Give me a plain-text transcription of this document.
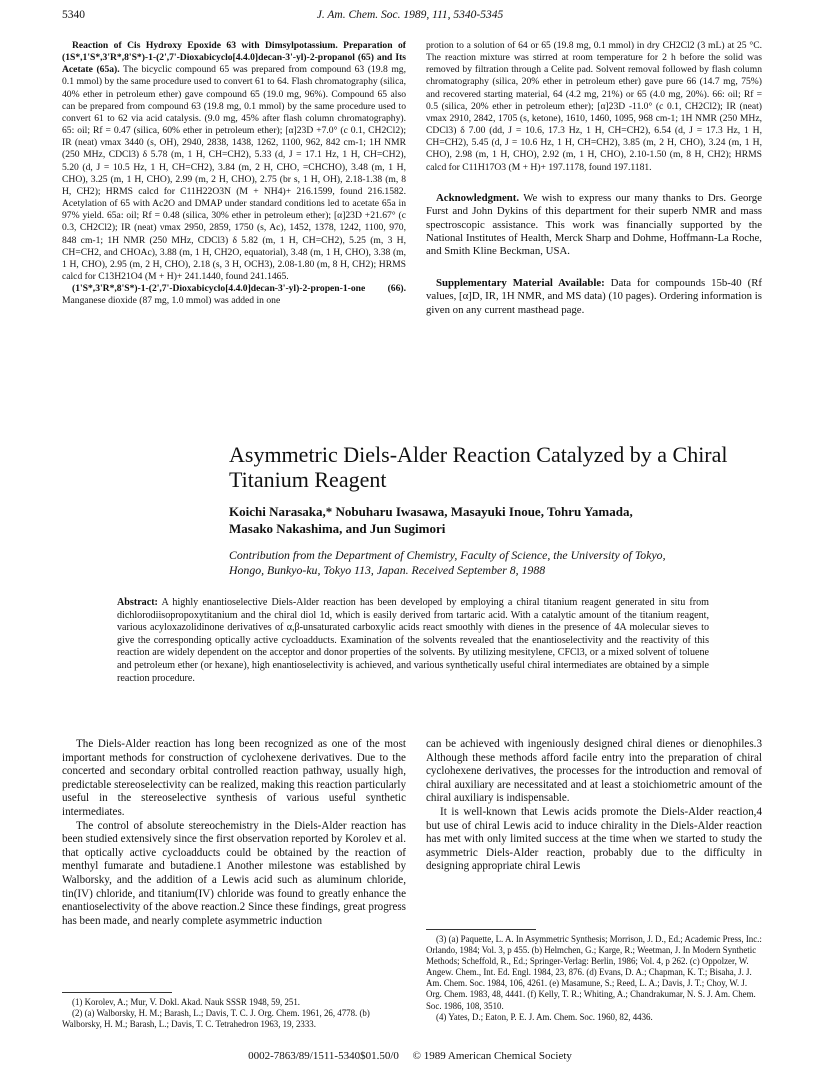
5340	J. Am. Chem. Soc. 1989, 111, 5340-5345

Reaction of Cis Hydroxy Epoxide 63 with Dimsylpotassium. Preparation of (1S*,1'S*,3'R*,8'S*)-1-(2',7'-Dioxabicyclo[4.4.0]decan-3'-yl)-2-propanol (65) and Its Acetate (65a). The bicyclic compound 65 was prepared from compound 63 (19.8 mg, 0.1 mmol) by the same procedure used to convert 61 to 64. Flash chromatography (silica, 40% ether in petroleum ether) gave compound 65 (19.0 mg, 96%). Compound 65 also can be prepared from compound 63 (19.8 mg, 0.1 mmol) by the same procedure used to convert 61 to 62 via acid catalysis. (9.0 mg, 45% after flash column chromatography). 65: oil; Rf = 0.47 (silica, 60% ether in petroleum ether); [α]23D +7.0° (c 0.1, CH2Cl2); IR (neat) νmax 3440 (s, OH), 2940, 2838, 1438, 1262, 1100, 962, 842 cm-1; 1H NMR (250 MHz, CDCl3) δ 5.78 (m, 1 H, CH=CH2), 5.33 (d, J = 17.1 Hz, 1 H, CH=CH2), 5.20 (d, J = 10.5 Hz, 1 H, CH=CH2), 3.84 (m, 2 H, CHO, =CHCHO), 3.48 (m, 1 H, CHO), 3.25 (m, 1 H, CHO), 2.99 (m, 2 H, CHO), 2.75 (br s, 1 H, OH), 2.18-1.38 (m, 8 H, CH2); HRMS calcd for C11H22O3N (M + NH4)+ 216.1599, found 216.1582. Acetylation of 65 with Ac2O and DMAP under standard conditions led to acetate 65a in 97% yield. 65a: oil; Rf = 0.48 (silica, 30% ether in petroleum ether); [α]23D +21.67° (c 0.3, CH2Cl2); IR (neat) νmax 2950, 2859, 1750 (s, Ac), 1452, 1378, 1242, 1100, 970, 848 cm-1; 1H NMR (250 MHz, CDCl3) δ 5.82 (m, 1 H, CH=CH2), 5.25 (m, 3 H, CH=CH2, and CHOAc), 3.88 (m, 1 H, CH2O, equatorial), 3.48 (m, 1 H, CHO), 3.38 (m, 1 H, CHO), 2.95 (m, 2 H, CHO), 2.18 (s, 3 H, OCH3), 2.08-1.80 (m, 8 H, CH2); HRMS calcd for C13H21O4 (M + H)+ 241.1440, found 241.1465.

(1'S*,3'R*,8'S*)-1-(2',7'-Dioxabicyclo[4.4.0]decan-3'-yl)-2-propen-1-one (66). Manganese dioxide (87 mg, 1.0 mmol) was added in one

protion to a solution of 64 or 65 (19.8 mg, 0.1 mmol) in dry CH2Cl2 (3 mL) at 25 °C. The reaction mixture was stirred at room temperature for 2 h before the solid was removed by filtration through a Celite pad. Solvent removal followed by flash column chromatography (silica, 20% ether in petroleum ether) gave pure 66 (14.7 mg, 75%) and recovered starting material, 64 (4.2 mg, 21%) or 65 (4.0 mg, 20%). 66: oil; Rf = 0.5 (silica, 20% ether in petroleum ether); [α]23D -11.0° (c 0.1, CH2Cl2); IR (neat) νmax 2910, 2842, 1705 (s, ketone), 1610, 1460, 1095, 968 cm-1; 1H NMR (250 MHz, CDCl3) δ 7.00 (dd, J = 10.6, 17.3 Hz, 1 H, CH=CH2), 6.54 (d, J = 17.3 Hz, 1 H, CH=CH2), 5.45 (d, J = 10.6 Hz, 1 H, CH=CH2), 3.85 (m, 2 H, CHO), 3.24 (m, 1 H, CHO), 2.98 (m, 1 H, CHO), 2.92 (m, 1 H, CHO), 2.10-1.50 (m, 8 H, CH2); HRMS calcd for C11H17O3 (M + H)+ 197.1178, found 197.1181.

Acknowledgment. We wish to express our many thanks to Drs. George Furst and John Dykins of this department for their superb NMR and mass spectroscopic assistance. This work was financially supported by the National Institutes of Health, Merck Sharp and Dohme, Hoffmann-La Roche, and Smith Kline Beckman, USA.

Supplementary Material Available: Data for compounds 15b-40 (Rf values, [α]D, IR, 1H NMR, and MS data) (10 pages). Ordering information is given on any current masthead page.

Asymmetric Diels-Alder Reaction Catalyzed by a Chiral
Titanium Reagent
Koichi Narasaka,* Nobuharu Iwasawa, Masayuki Inoue, Tohru Yamada,
Masako Nakashima, and Jun Sugimori
Contribution from the Department of Chemistry, Faculty of Science, the University of Tokyo,
Hongo, Bunkyo-ku, Tokyo 113, Japan. Received September 8, 1988
Abstract: A highly enantioselective Diels-Alder reaction has been developed by employing a chiral titanium reagent generated in situ from dichlorodiisopropoxytitanium and the chiral diol 1d, which is easily derived from tartaric acid. With a catalytic amount of the titanium reagent, various acyloxazolidinone derivatives of α,β-unsaturated carboxylic acids react smoothly with dienes in the presence of 4A molecular sieves to give the corresponding optically active cycloadducts. Examination of the solvents revealed that the enantioselectivity and the reactivity of this reaction are widely dependent on the acceptor and donor properties of the solvents. By utilizing mesitylene, CFCl3, or a mixed solvent of toluene and petroleum ether (or hexane), high enantioselectivity is achieved, and various synthetically useful chiral intermediates are obtained by a simple reaction procedure.

The Diels-Alder reaction has long been recognized as one of the most important methods for construction of cyclohexene derivatives. Due to the concerted and secondary orbital controlled reaction pathway, usually high, predictable stereoselectivity can be realized, making this reaction particularly useful in the stereoselective synthesis of various useful synthetic intermediates.

The control of absolute stereochemistry in the Diels-Alder reaction has been studied extensively since the first observation reported by Korolev et al. that optically active cycloadducts could be obtained by the reaction of menthyl fumarate and butadiene.1 Another milestone was established by Walborsky, and the addition of a Lewis acid such as aluminum chloride, tin(IV) chloride, and titanium(IV) chloride was found to greatly enhance the enantioselectivity of the above reaction.2 Since these findings, great progress has been made, and nearly complete asymmetric induction

can be achieved with ingeniously designed chiral dienes or dienophiles.3 Although these methods afford facile entry into the preparation of chiral cyclohexene derivatives, the processes for the introduction and removal of chiral auxiliary are necessitated and at least a stoichiometric amount of the chiral auxiliary is indispensable.

It is well-known that Lewis acids promote the Diels-Alder reaction,4 but use of chiral Lewis acid to induce chirality in the Diels-Alder reaction has met with only limited success at the time when we started to study the asymmetric Diels-Alder reaction, probably due to the difficulty in designing appropriate chiral Lewis

(1) Korolev, A.; Mur, V. Dokl. Akad. Nauk SSSR 1948, 59, 251.

(2) (a) Walborsky, H. M.; Barash, L.; Davis, T. C. J. Org. Chem. 1961, 26, 4778. (b) Walborsky, H. M.; Barash, L.; Davis, T. C. Tetrahedron 1963, 19, 2333.

(3) (a) Paquette, L. A. In Asymmetric Synthesis; Morrison, J. D., Ed.; Academic Press, Inc.: Orlando, 1984; Vol. 3, p 455. (b) Helmchen, G.; Karge, R.; Weetman, J. In Modern Synthetic Methods; Scheffold, R., Ed.; Springer-Verlag: Berlin, 1986; Vol. 4, p 262. (c) Oppolzer, W. Angew. Chem., Int. Ed. Engl. 1984, 23, 876. (d) Evans, D. A.; Chapman, K. T.; Bisaha, J. J. Am. Chem. Soc. 1984, 106, 4261. (e) Masamune, S.; Reed, L. A.; Davis, J. T.; Choy, W. J. Org. Chem. 1983, 48, 4441. (f) Kelly, T. R.; Whiting, A.; Chandrakumar, N. S. J. Am. Chem. Soc. 1986, 108, 3510.

(4) Yates, D.; Eaton, P. E. J. Am. Chem. Soc. 1960, 82, 4436.

0002-7863/89/1511-5340$01.50/0 © 1989 American Chemical Society
